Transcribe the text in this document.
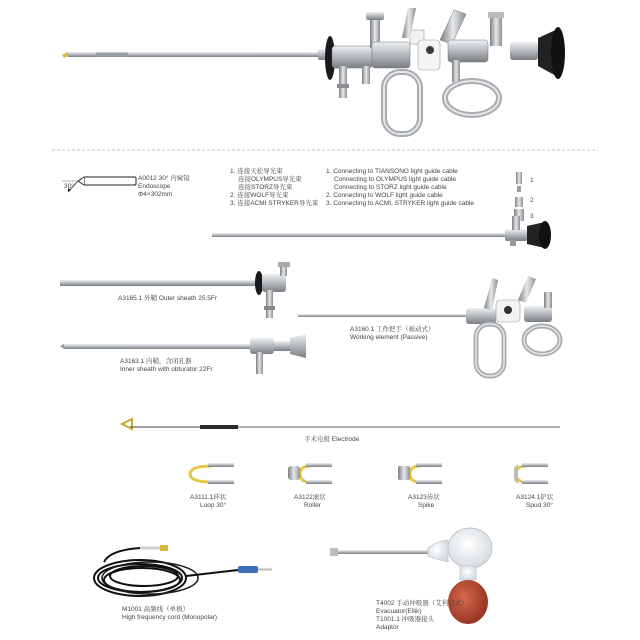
30°
A0012 30° 内窥镜
Endoscope
Φ4×302mm
1. 连接天松导光束
连接OLYMPUS导光束
连接STORZ导光束
2. 连接WOLF导光束
3. 连接ACMI STRYKER导光束
1. Connecting to TIANSONG light guide cable
Connecting to OLYMPUS light guide cable
Connecting to STORZ light guide cable
2. Connecting to WOLF light guide cable
3. Connecting to ACMI, STRYKER light guide cable
1
2
3
A3165.1 外鞘 Outer sheath 25.5Fr
A3160.1 工作把手（被动式）
Working element (Passive)
A3163.1 内鞘，含闭孔器
Inner sheath with obturator 22Fr
手术电极 Electrode
A3111.1环状
Loop 30°
A3122滚状
Roller
A3123齿状
Spike
A3124.1铲状
Spud 30°
M1001 高频线（单极）
High frequency cord (Monopolar)
T4002 手动冲吸器（艾利克式）
Evacuator(Ellik)
T1001.1 冲吸器接头
Adaptor
